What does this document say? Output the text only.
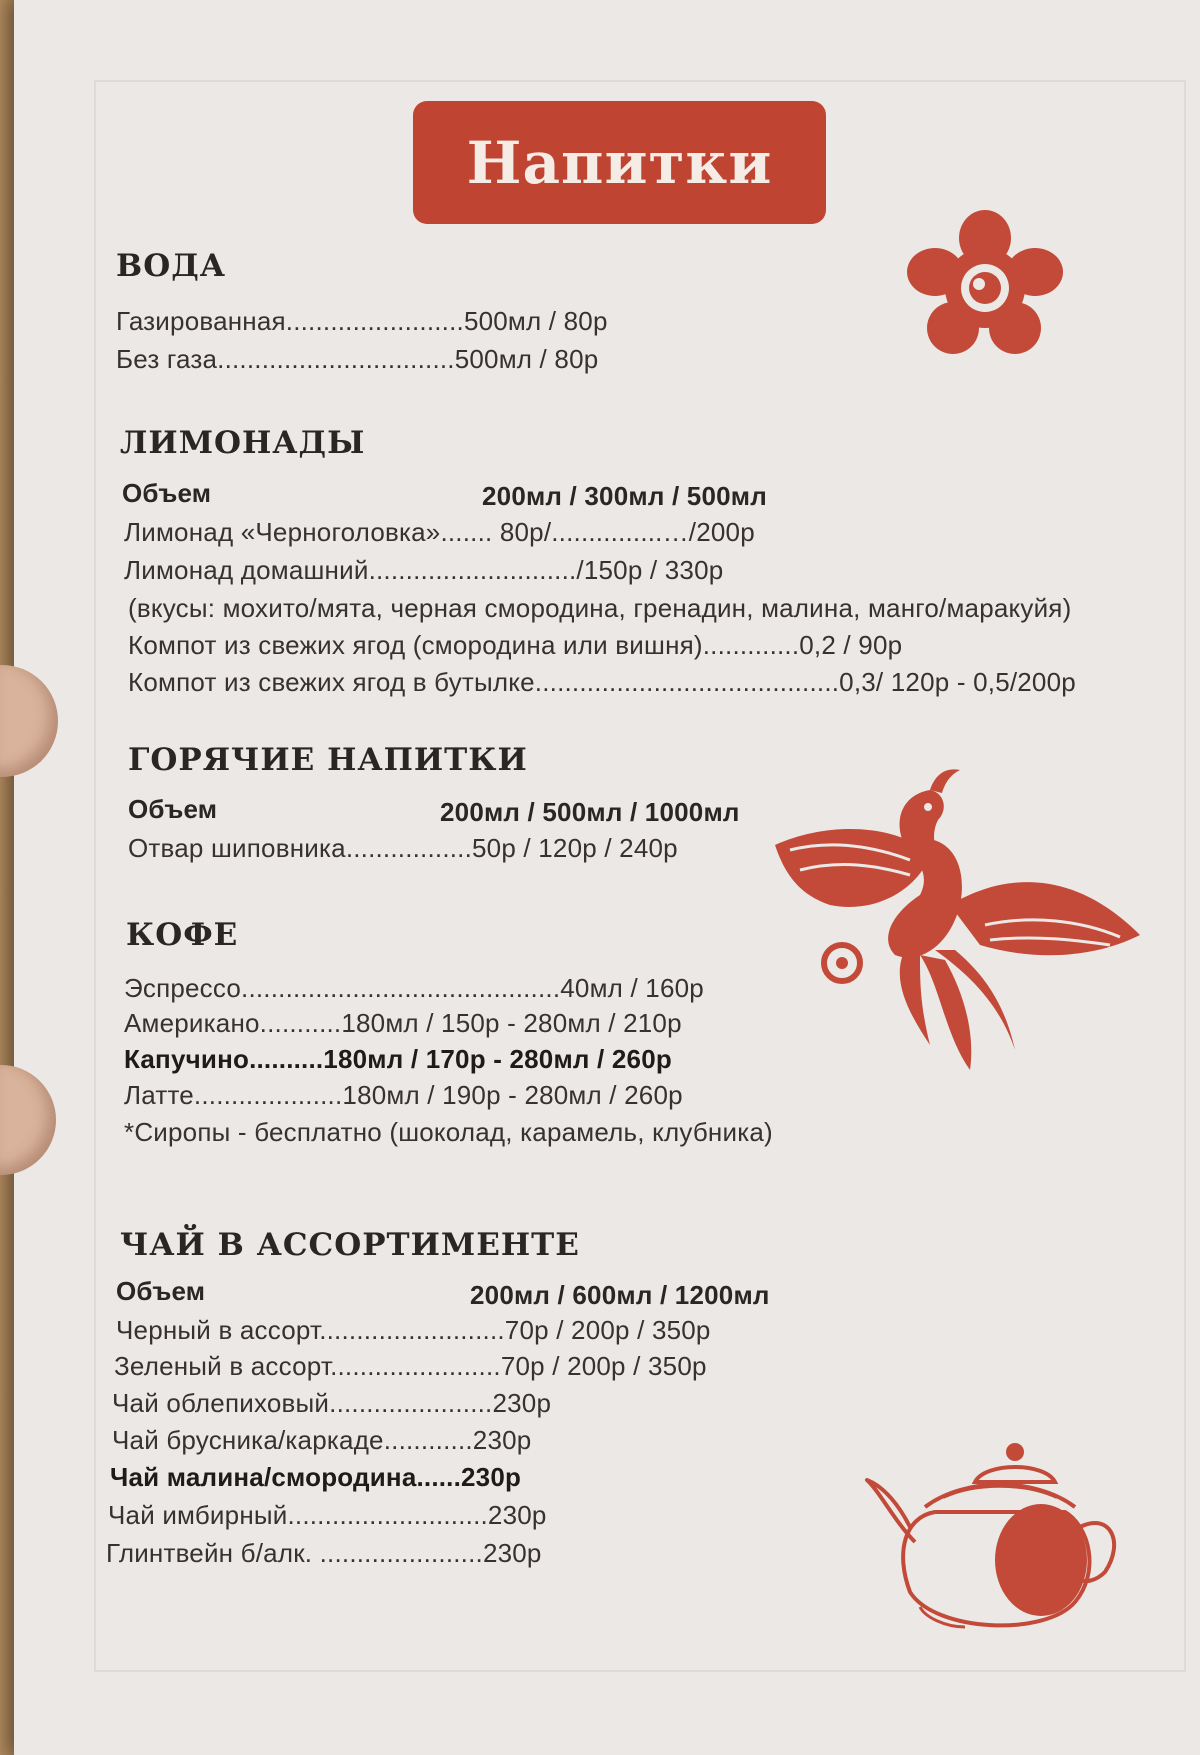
Напитки
ВОДА
Газированная........................500мл / 80р
Без газа................................500мл / 80р
ЛИМОНАДЫ
Объем	200мл / 300мл / 500мл
Лимонад «Черноголовка»....... 80р/...............…/200р
Лимонад домашний............................/150р / 330р
(вкусы: мохито/мята, черная смородина, гренадин, малина, манго/маракуйя)
Компот из свежих ягод (смородина или вишня).............0,2 / 90р
Компот из свежих ягод в бутылке.........................................0,3/ 120р - 0,5/200р
ГОРЯЧИЕ НАПИТКИ
Объем	200мл / 500мл / 1000мл
Отвар шиповника.................50р / 120р / 240р
КОФЕ
Эспрессо...........................................40мл / 160р
Американо...........180мл / 150р - 280мл / 210р
Капучино..........180мл / 170р - 280мл / 260р
Латте....................180мл / 190р - 280мл / 260р
*Сиропы - бесплатно (шоколад, карамель, клубника)
ЧАЙ В АССОРТИМЕНТЕ
Объем	200мл / 600мл / 1200мл
Черный в ассорт.........................70р / 200р / 350р
Зеленый в ассорт.......................70р / 200р / 350р
Чай облепиховый......................230р
Чай брусника/каркаде............230р
Чай малина/смородина......230р
Чай имбирный...........................230р
Глинтвейн б/алк. ......................230р
